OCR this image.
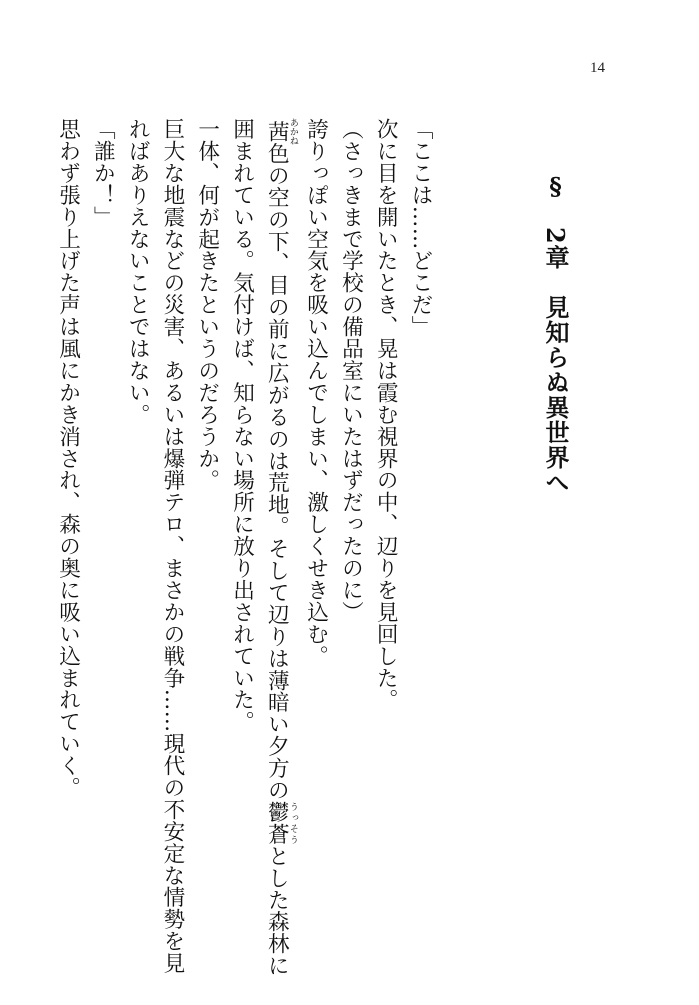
14
§　2章　見知らぬ異世界へ

「ここは……どこだ」

次に目を開いたとき、晃は霞む視界の中、辺りを見回した。

（さっきまで学校の備品室にいたはずだったのに）

誇りっぽい空気を吸い込んでしまい、激しくせき込む。

茜あかね色の空の下、目の前に広がるのは荒地。そして辺りは薄暗い夕方の鬱蒼うっそうとした森林に

囲まれている。気付けば、知らない場所に放り出されていた。

一体、何が起きたというのだろうか。

巨大な地震などの災害、あるいは爆弾テロ、まさかの戦争……現代の不安定な情勢を見

ればありえないことではない。

「誰か！」

思わず張り上げた声は風にかき消され、森の奥に吸い込まれていく。
